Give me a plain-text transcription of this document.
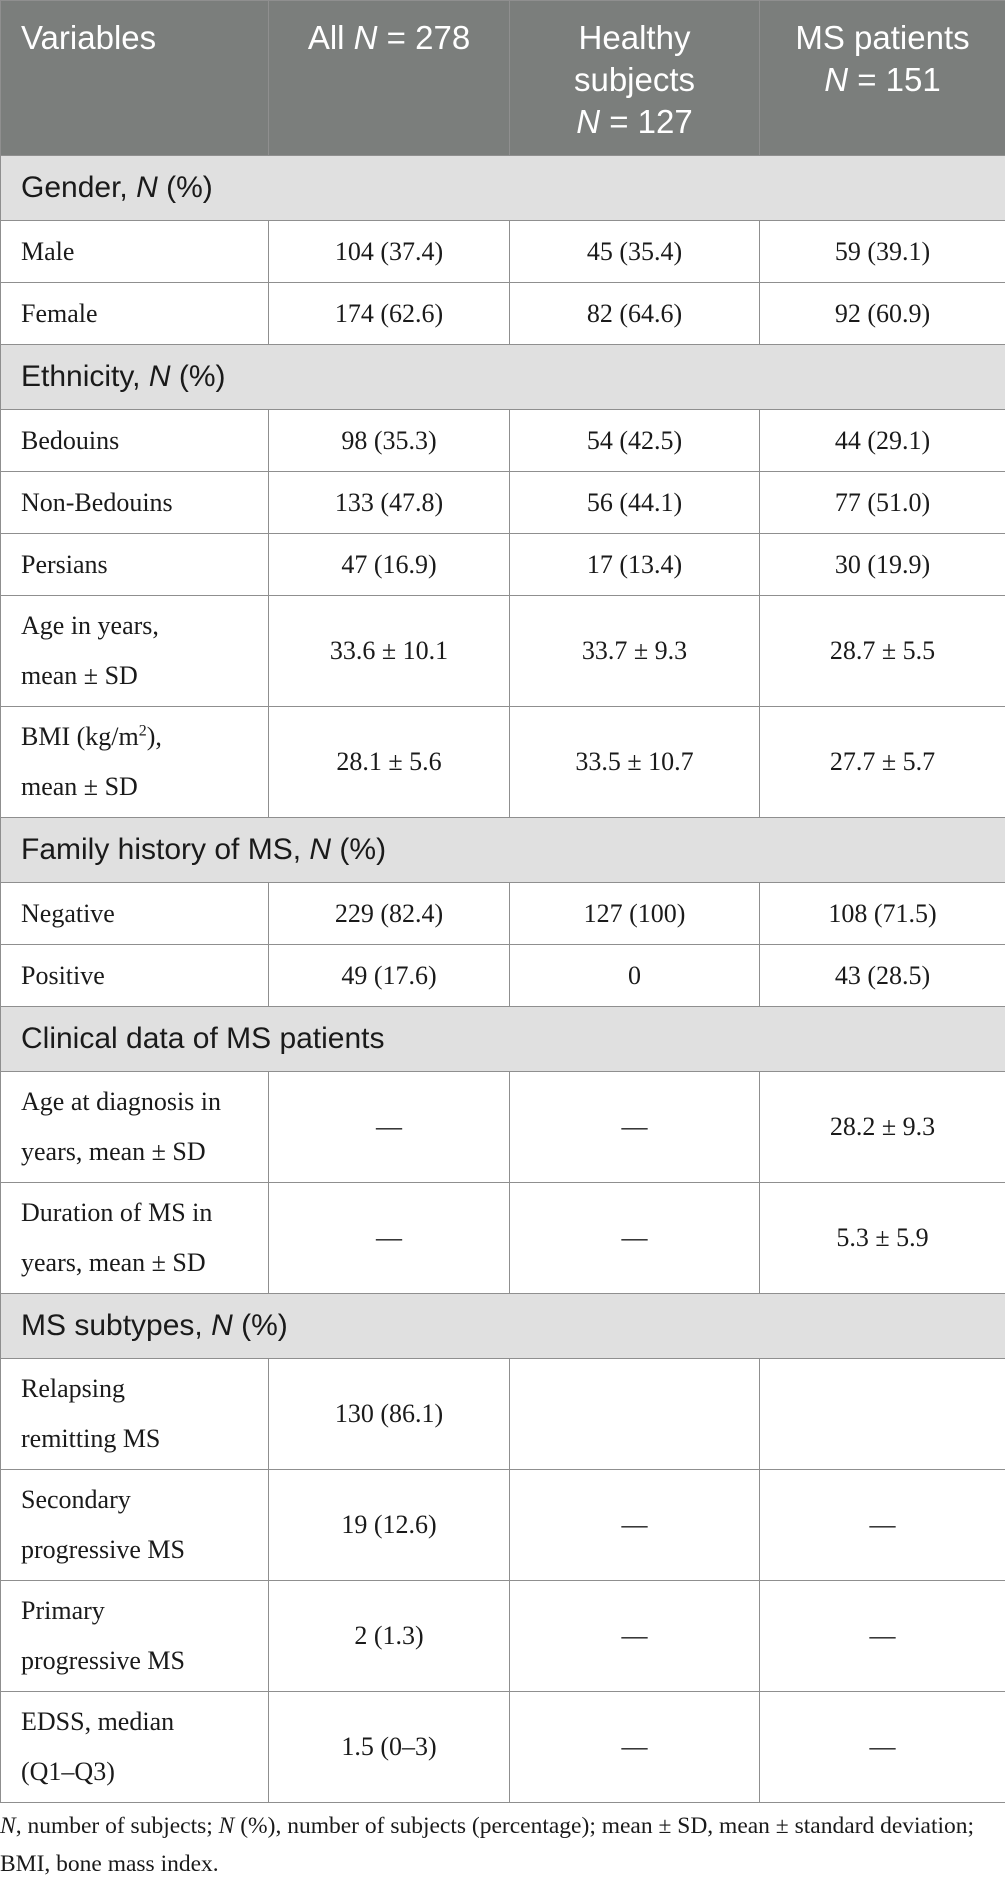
Variables	All N = 278	Healthy
subjects
N = 127	MS patients
N = 151
Gender, N (%)			
Male	104 (37.4)	45 (35.4)	59 (39.1)
Female	174 (62.6)	82 (64.6)	92 (60.9)
Ethnicity, N (%)			
Bedouins	98 (35.3)	54 (42.5)	44 (29.1)
Non-Bedouins	133 (47.8)	56 (44.1)	77 (51.0)
Persians	47 (16.9)	17 (13.4)	30 (19.9)
Age in years,
mean ± SD	33.6 ± 10.1	33.7 ± 9.3	28.7 ± 5.5
BMI $(kg/m^2)$,
mean ± SD	28.1 ± 5.6	33.5 ± 10.7	27.7 ± 5.7
Family history of MS, N (%)			
Negative	229 (82.4)	127 (100)	108 (71.5)
Positive	49 (17.6)	0	43 (28.5)
Clinical data of MS patients			
Age at diagnosis in
years, mean ± SD	—	—	28.2 ± 9.3
Duration of MS in
years, mean ± SD	—	—	5.3 ± 5.9
MS subtypes, N (%)			
Relapsing
remitting MS	130 (86.1)		
Secondary
progressive MS	19 (12.6)	—	—
Primary
progressive MS	2 (1.3)	—	—
EDSS, median
(Q1–Q3)	1.5 (0–3)	—	—
N, number of subjects; N (%), number of subjects (percentage); mean ± SD, mean ± standard deviation; BMI, bone mass index.
